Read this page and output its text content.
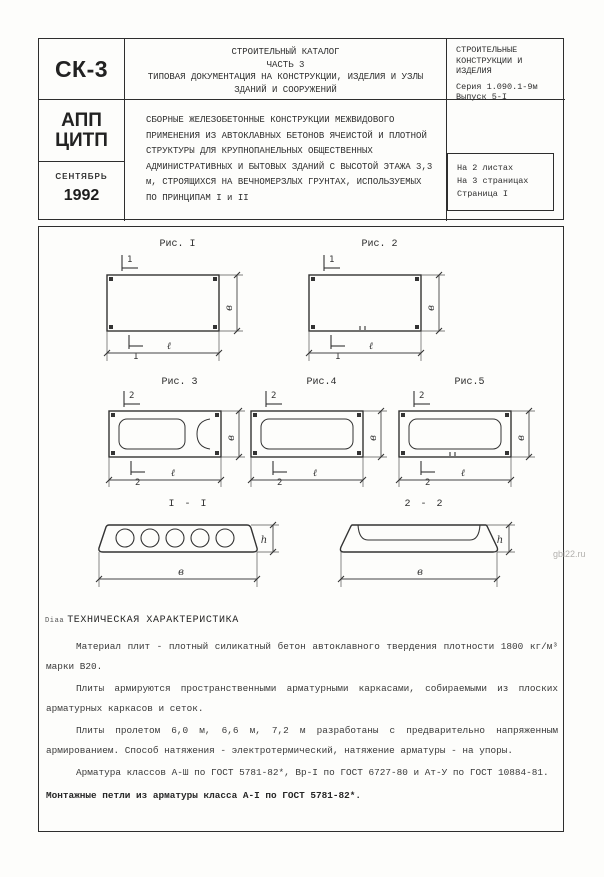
СК-3
СТРОИТЕЛЬНЫЙ КАТАЛОГ
ЧАСТЬ 3
ТИПОВАЯ ДОКУМЕНТАЦИЯ НА КОНСТРУКЦИИ, ИЗДЕЛИЯ И УЗЛЫ
ЗДАНИЙ И СООРУЖЕНИЙ
СТРОИТЕЛЬНЫЕ
КОНСТРУКЦИИ И
ИЗДЕЛИЯ
Серия 1.090.1-9м
Выпуск 5-I
АПП
ЦИТП
СЕНТЯБРЬ
1992
СБОРНЫЕ ЖЕЛЕЗОБЕТОННЫЕ КОНСТРУКЦИИ МЕЖВИДОВОГО ПРИМЕНЕНИЯ ИЗ АВТОКЛАВНЫХ БЕТОНОВ ЯЧЕИСТОЙ И ПЛОТНОЙ СТРУКТУРЫ ДЛЯ КРУПНОПАНЕЛЬНЫХ ОБЩЕСТВЕННЫХ АДМИНИСТРАТИВНЫХ И БЫТОВЫХ ЗДАНИЙ С ВЫСОТОЙ ЭТАЖА 3,3 м, СТРОЯЩИХСЯ НА ВЕЧНОМЕРЗЛЫХ ГРУНТАХ, ИСПОЛЬЗУЕМЫХ ПО ПРИНЦИПАМ I и II
На 2 листах
На 3 страницах
Страница I
Рис. I
1
в
1
ℓ
Рис. 2
1
в
1
ℓ
Рис. 3
2
в
2
ℓ
Рис.4
2
в
2
ℓ
Рис.5
2
в
2
ℓ
I - I
h
в
2 - 2
h
в
Diaa ТЕХНИЧЕСКАЯ ХАРАКТЕРИСТИКА

Материал плит - плотный силикатный бетон автоклавного твердения плотности 1800 кг/м³ марки В20.

Плиты армируются пространственными арматурными каркасами, собираемыми из плоских арматурных каркасов и сеток.

Плиты пролетом 6,0 м, 6,6 м, 7,2 м разработаны с предварительно напряженным армированием. Способ натяжения - электротермический, натяжение арматуры - на упоры.

Арматура классов А-Ш по ГОСТ 5781-82*, Вр-I по ГОСТ 6727-80 и Ат-У по ГОСТ 10884-81.

Монтажные петли из арматуры класса А-I по ГОСТ 5781-82*.

gbi22.ru
